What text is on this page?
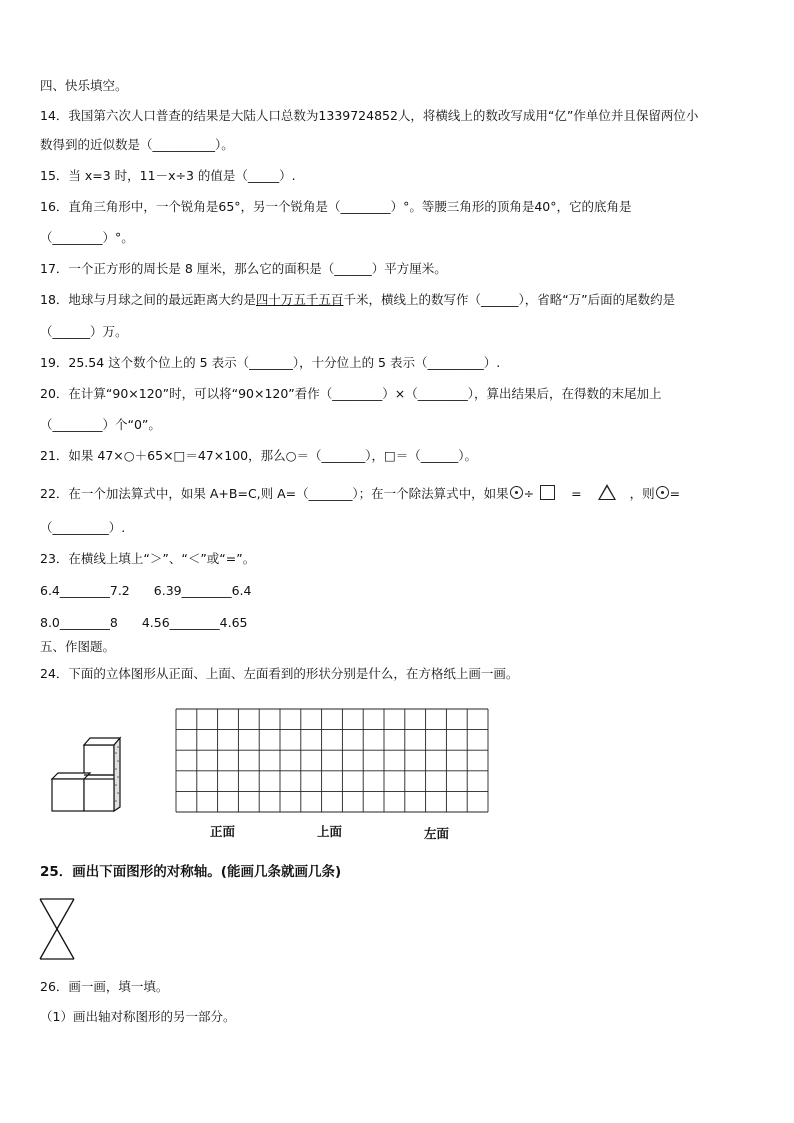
四、快乐填空。
14．我国第六次人口普查的结果是大陆人口总数为1339724852人，将横线上的数改写成用“亿”作单位并且保留两位小
数得到的近似数是（__________）。
15．当 x=3 时，11－x÷3 的值是（_____）.
16．直角三角形中，一个锐角是65°，另一个锐角是（________）°。等腰三角形的顶角是40°，它的底角是
（________）°。
17．一个正方形的周长是 8 厘米，那么它的面积是（______）平方厘米。
18．地球与月球之间的最远距离大约是四十万五千五百千米，横线上的数写作（______），省略“万”后面的尾数约是
（______）万。
19．25.54 这个数个位上的 5 表示（_______），十分位上的 5 表示（_________）.
20．在计算“90×120”时，可以将“90×120”看作（________）×（________），算出结果后，在得数的末尾加上
（________）个“0”。
21．如果 47×○＋65×□＝47×100，那么○＝（_______），□＝（______）。
22．在一个加法算式中，如果 A+B=C,则 A=（_______）；在一个除法算式中，如果 ÷	=	，则 =
（_________）.
23．在横线上填上“＞”、“＜”或“=”。
6.4________7.2 6.39________6.4
8.0________8 4.56________4.65
五、作图题。
24．下面的立体图形从正面、上面、左面看到的形状分别是什么，在方格纸上画一画。
正面	上面	左面
25．画出下面图形的对称轴。(能画几条就画几条)
26．画一画，填一填。
（1）画出轴对称图形的另一部分。
